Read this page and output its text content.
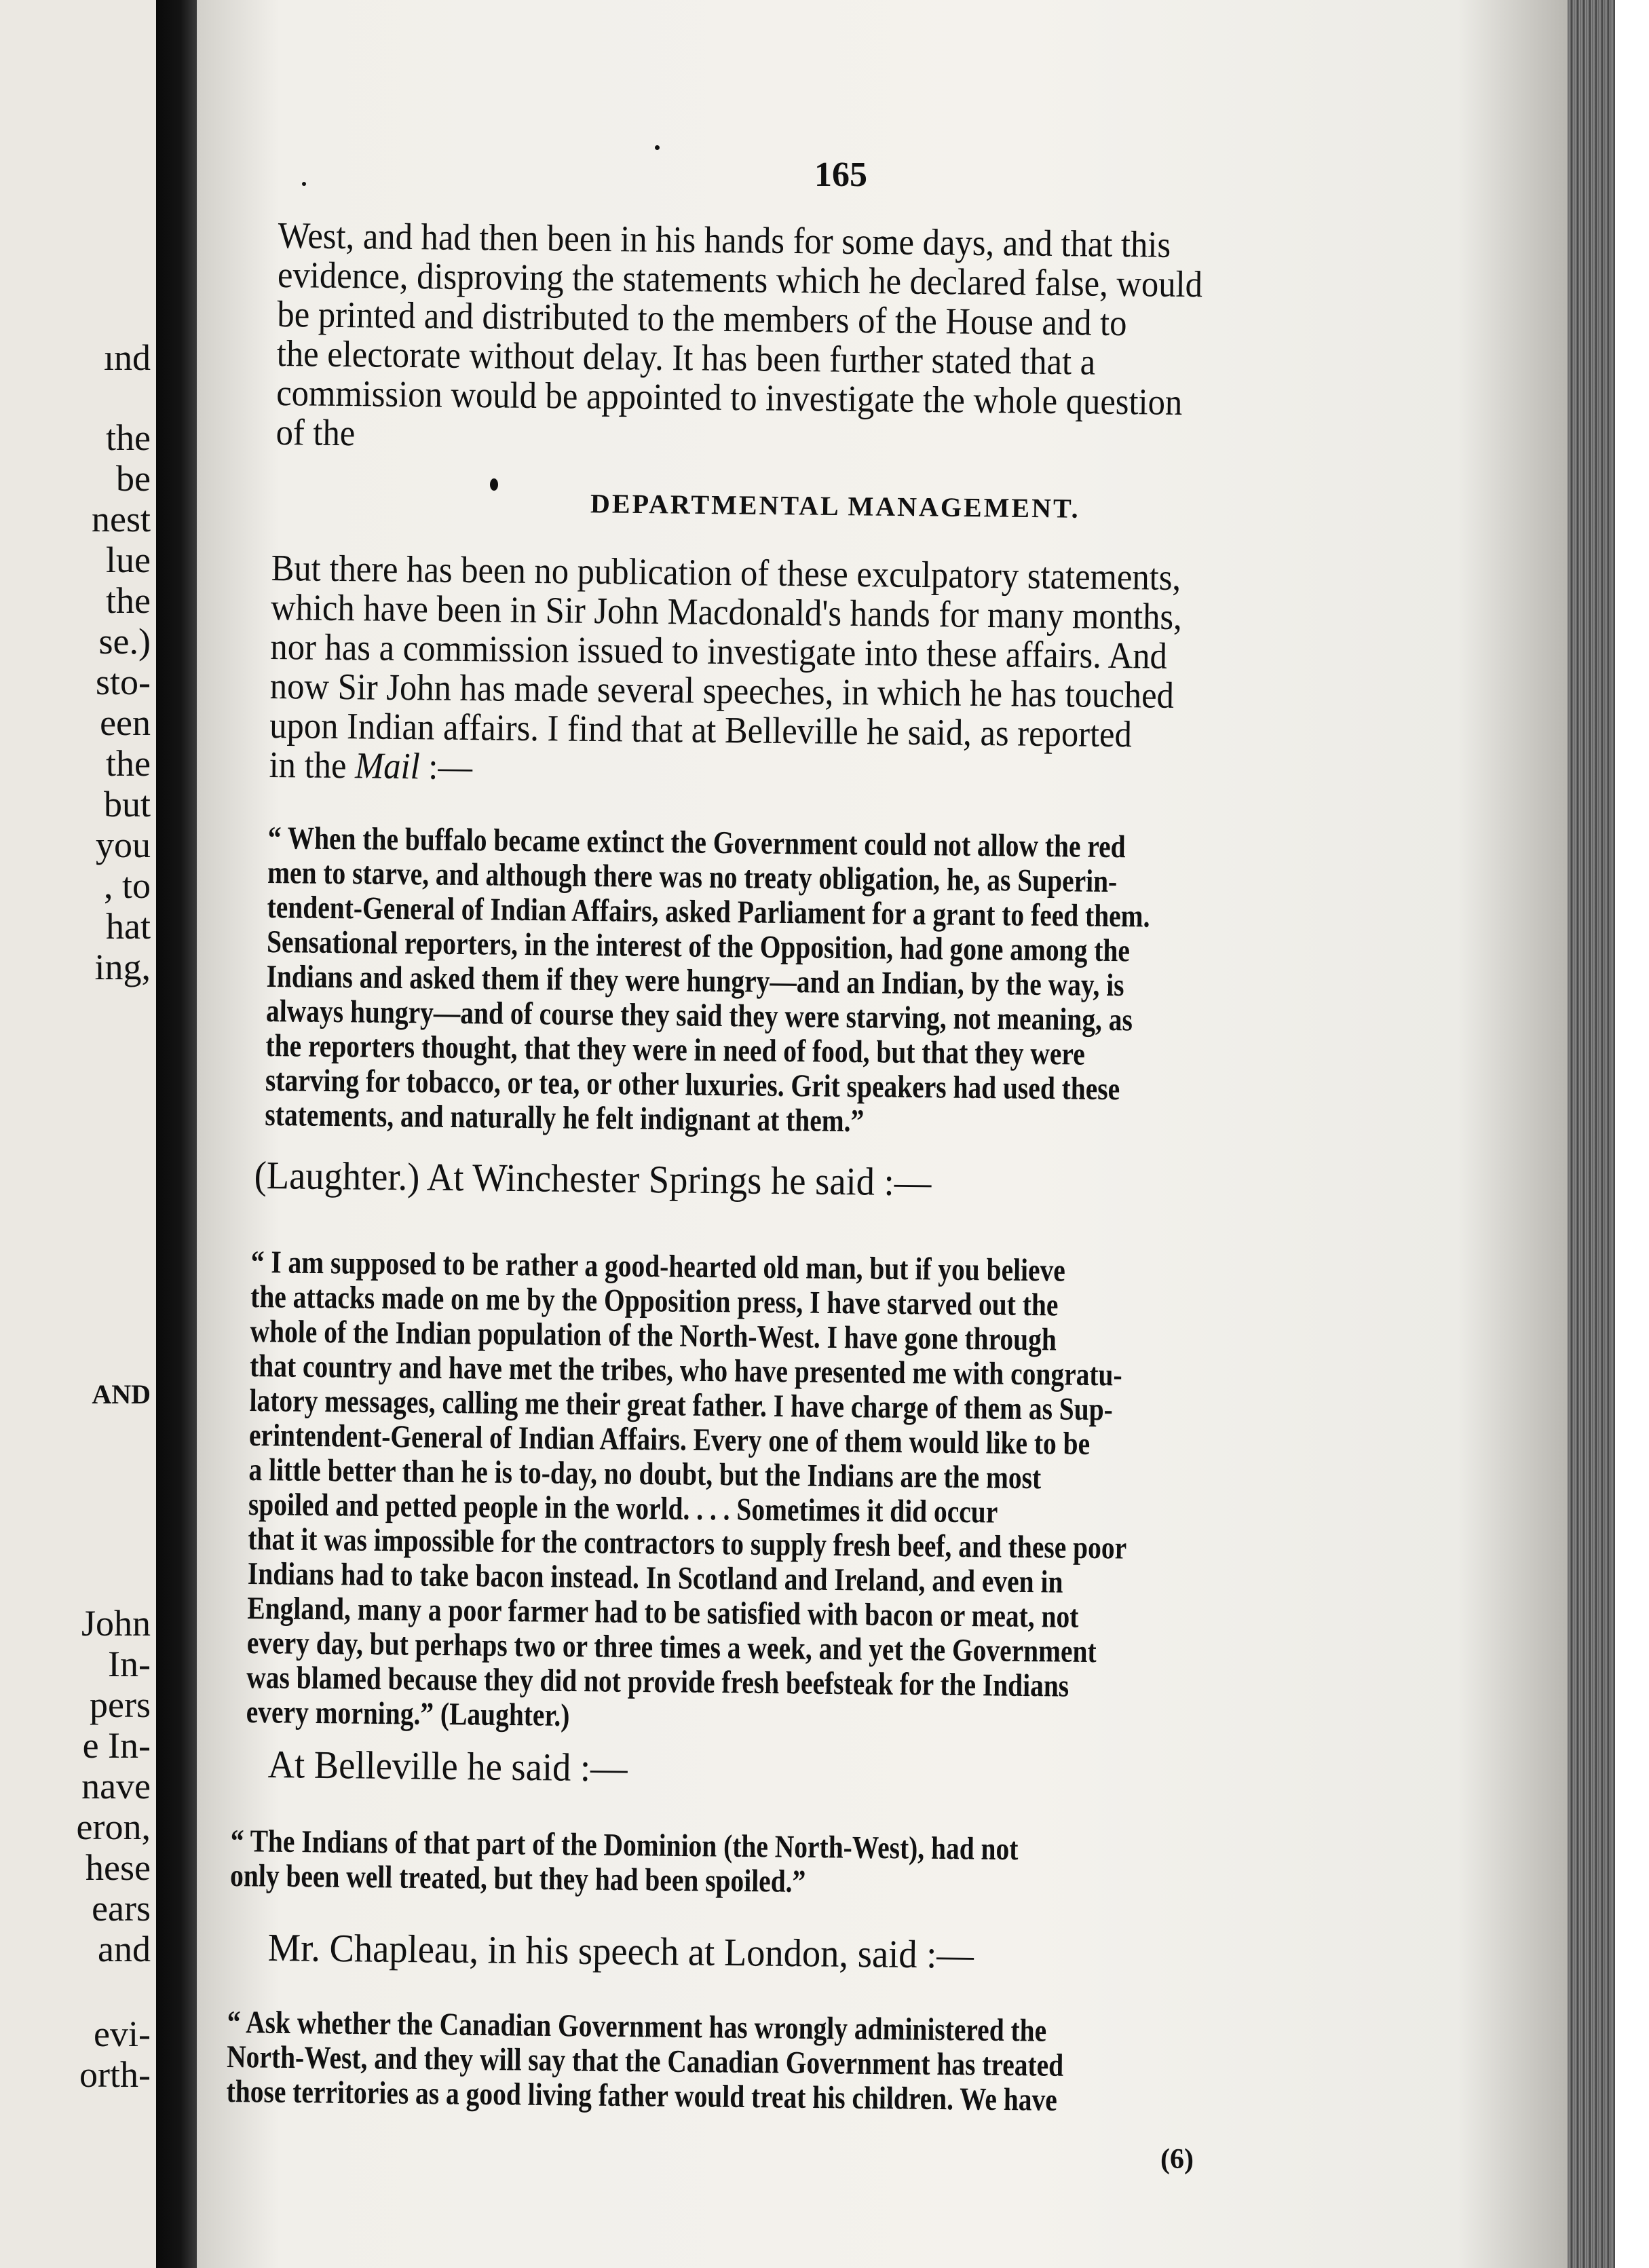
ınd
the
be
nest
lue
the
se.)
sto-
een
the
but
you
, to
hat
ing,
AND
John
In-
pers
e In-
nave
eron,
hese
ears
and
evi-
orth-
165
West, and had then been in his hands for some days, and that this
evidence, disproving the statements which he declared false, would
be printed and distributed to the members of the House and to
the electorate without delay. It has been further stated that a
commission would be appointed to investigate the whole question
of the
DEPARTMENTAL MANAGEMENT.
But there has been no publication of these exculpatory statements,
which have been in Sir John Macdonald's hands for many months,
nor has a commission issued to investigate into these affairs. And
now Sir John has made several speeches, in which he has touched
upon Indian affairs. I find that at Belleville he said, as reported
in the Mail :—
“ When the buffalo became extinct the Government could not allow the red
men to starve, and although there was no treaty obligation, he, as Superin-
tendent-General of Indian Affairs, asked Parliament for a grant to feed them.
Sensational reporters, in the interest of the Opposition, had gone among the
Indians and asked them if they were hungry—and an Indian, by the way, is
always hungry—and of course they said they were starving, not meaning, as
the reporters thought, that they were in need of food, but that they were
starving for tobacco, or tea, or other luxuries. Grit speakers had used these
statements, and naturally he felt indignant at them.”
(Laughter.) At Winchester Springs he said :—
“ I am supposed to be rather a good-hearted old man, but if you believe
the attacks made on me by the Opposition press, I have starved out the
whole of the Indian population of the North-West. I have gone through
that country and have met the tribes, who have presented me with congratu-
latory messages, calling me their great father. I have charge of them as Sup-
erintendent-General of Indian Affairs. Every one of them would like to be
a little better than he is to-day, no doubt, but the Indians are the most
spoiled and petted people in the world. . . . Sometimes it did occur
that it was impossible for the contractors to supply fresh beef, and these poor
Indians had to take bacon instead. In Scotland and Ireland, and even in
England, many a poor farmer had to be satisfied with bacon or meat, not
every day, but perhaps two or three times a week, and yet the Government
was blamed because they did not provide fresh beefsteak for the Indians
every morning.” (Laughter.)
At Belleville he said :—
“ The Indians of that part of the Dominion (the North-West), had not
only been well treated, but they had been spoiled.”
Mr. Chapleau, in his speech at London, said :—
“ Ask whether the Canadian Government has wrongly administered the
North-West, and they will say that the Canadian Government has treated
those territories as a good living father would treat his children. We have
(6)
